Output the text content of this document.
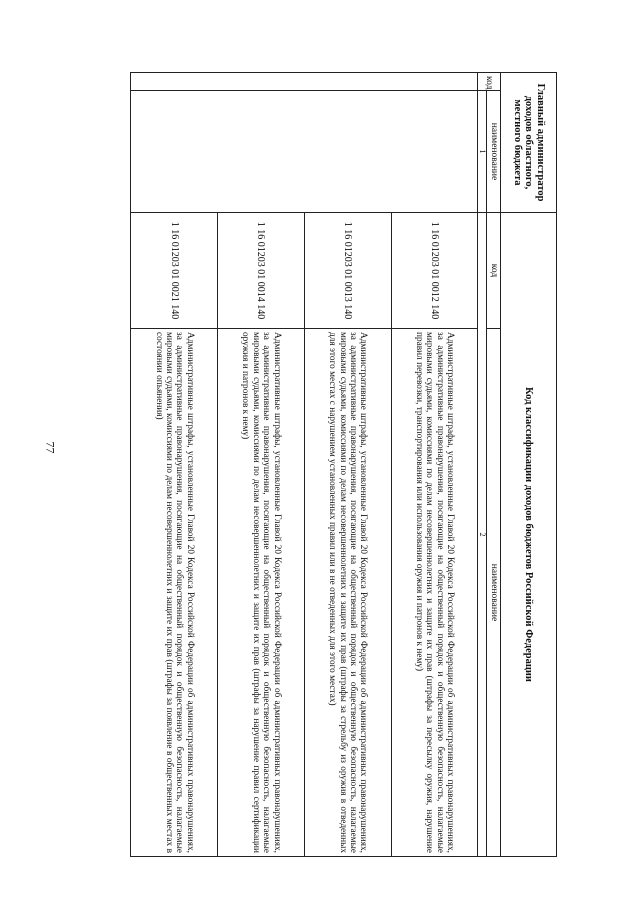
77
Главный администратор доходов областного, местного бюджета		Код классификации доходов бюджетов Российской Федерации	
код	наименование	код	наименование
	1	2	
		1 16 01203 01 0012 140	Административные штрафы, установленные Главой 20 Кодекса Российской Федерации об административных правонарушениях, за административные правонарушения, посягающие на общественный порядок и общественную безопасность, налагаемые мировыми судьями, комиссиями по делам несовершеннолетних и защите их прав (штрафы за пересылку оружия, нарушение правил перевозки, транспортирования или использования оружия и патронов к нему)
		1 16 01203 01 0013 140	Административные штрафы, установленные Главой 20 Кодекса Российской Федерации об административных правонарушениях, за административные правонарушения, посягающие на общественный порядок и общественную безопасность, налагаемые мировыми судьями, комиссиями по делам несовершеннолетних и защите их прав (штрафы за стрельбу из оружия в отведенных для этого местах с нарушением установленных правил или в не отведенных для этого местах)
		1 16 01203 01 0014 140	Административные штрафы, установленные Главой 20 Кодекса Российской Федерации об административных правонарушениях, за административные правонарушения, посягающие на общественный порядок и общественную безопасность, налагаемые мировыми судьями, комиссиями по делам несовершеннолетних и защите их прав (штрафы за нарушение правил сертификации оружия и патронов к нему)
		1 16 01203 01 0021 140	Административные штрафы, установленные Главой 20 Кодекса Российской Федерации об административных правонарушениях, за административные правонарушения, посягающие на общественный порядок и общественную безопасность, налагаемые мировыми судьями, комиссиями по делам несовершеннолетних и защите их прав (штрафы за появление в общественных местах в состоянии опьянения)
